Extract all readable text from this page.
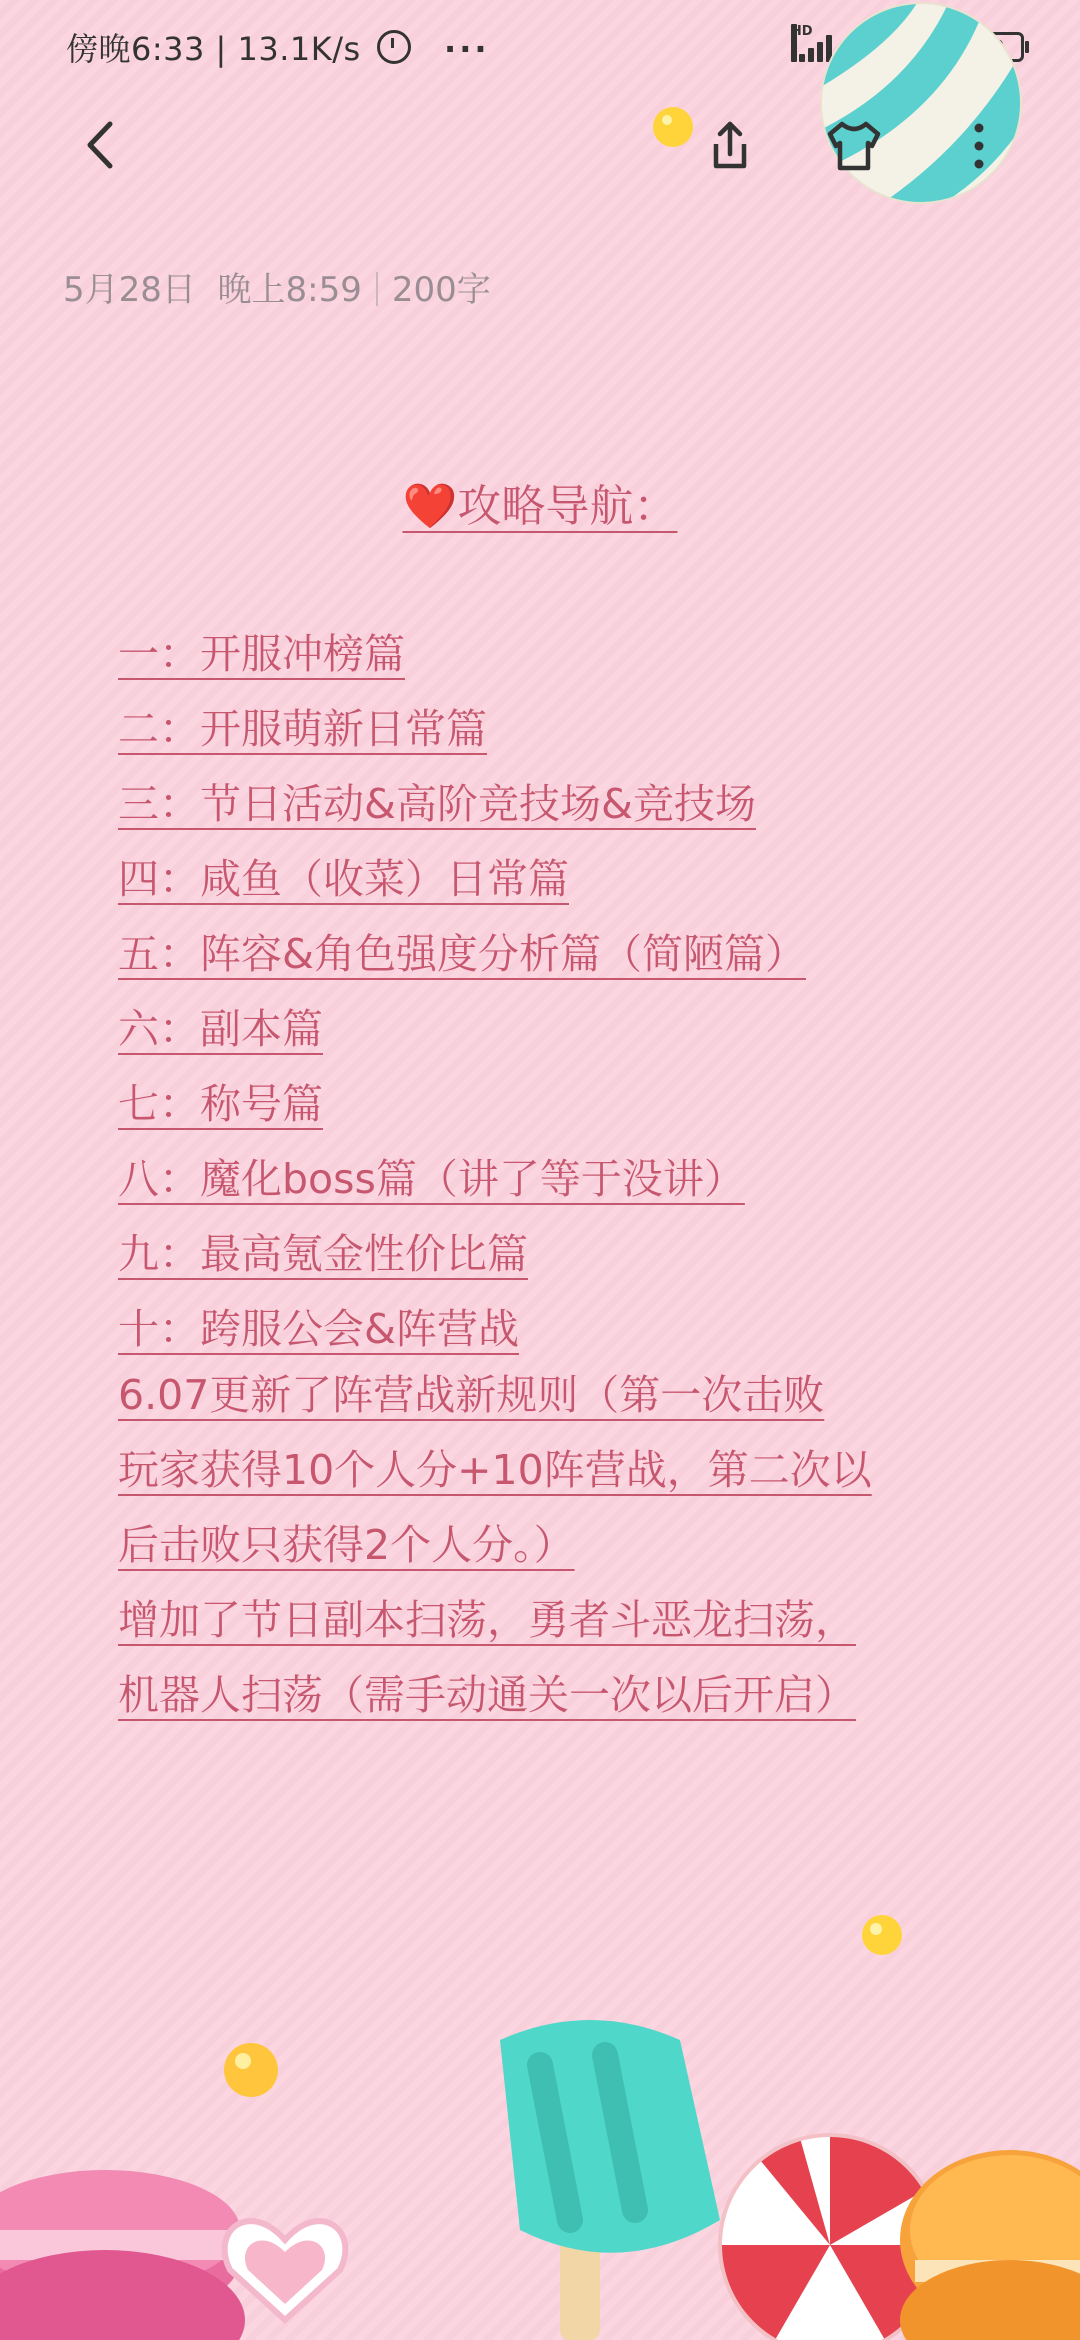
傍晚6:33 | 13.1K/s	···	HD
5月28日 晚上8:59 200字
❤️攻略导航：
一：开服冲榜篇
二：开服萌新日常篇
三：节日活动&高阶竞技场&竞技场
四：咸鱼（收菜）日常篇
五：阵容&角色强度分析篇（简陋篇）
六：副本篇
七：称号篇
八：魔化boss篇（讲了等于没讲）
九：最高氪金性价比篇
十：跨服公会&阵营战
6.07更新了阵营战新规则（第一次击败
玩家获得10个人分+10阵营战，第二次以
后击败只获得2个人分。）
增加了节日副本扫荡，勇者斗恶龙扫荡，
机器人扫荡（需手动通关一次以后开启）
